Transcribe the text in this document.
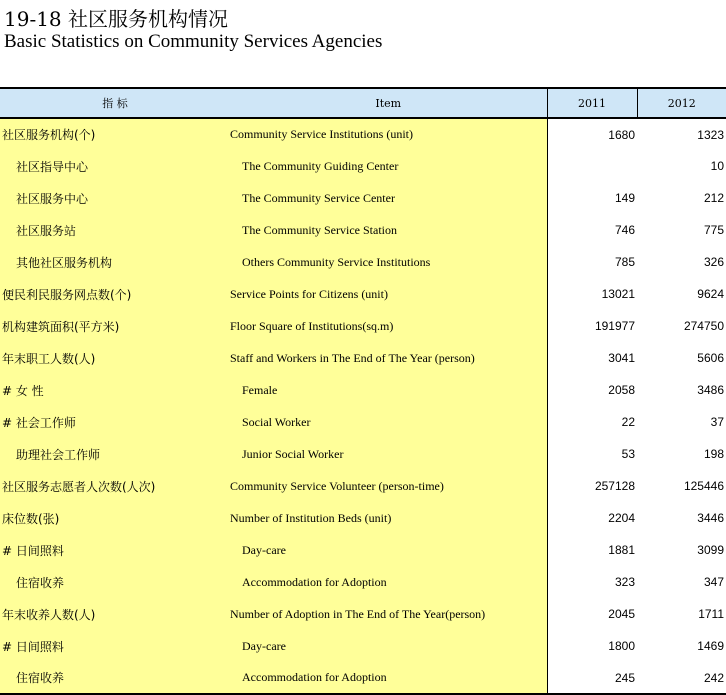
19-18 社区服务机构情况
Basic Statistics on Community Services Agencies
指 标	Item	2011	2012
社区服务机构(个)	Community Service Institutions (unit)	1680	1323
社区指导中心	The Community Guiding Center		10
社区服务中心	The Community Service Center	149	212
社区服务站	The Community Service Station	746	775
其他社区服务机构	Others Community Service Institutions	785	326
便民利民服务网点数(个)	Service Points for Citizens (unit)	13021	9624
机构建筑面积(平方米)	Floor Square of Institutions(sq.m)	191977	274750
年末职工人数(人)	Staff and Workers in The End of The Year (person)	3041	5606
# 女 性	Female	2058	3486
# 社会工作师	Social Worker	22	37
助理社会工作师	Junior Social Worker	53	198
社区服务志愿者人次数(人次)	Community Service Volunteer (person-time)	257128	125446
床位数(张)	Number of Institution Beds (unit)	2204	3446
# 日间照料	Day-care	1881	3099
住宿收养	Accommodation for Adoption	323	347
年末收养人数(人)	Number of Adoption in The End of The Year(person)	2045	1711
# 日间照料	Day-care	1800	1469
住宿收养	Accommodation for Adoption	245	242
